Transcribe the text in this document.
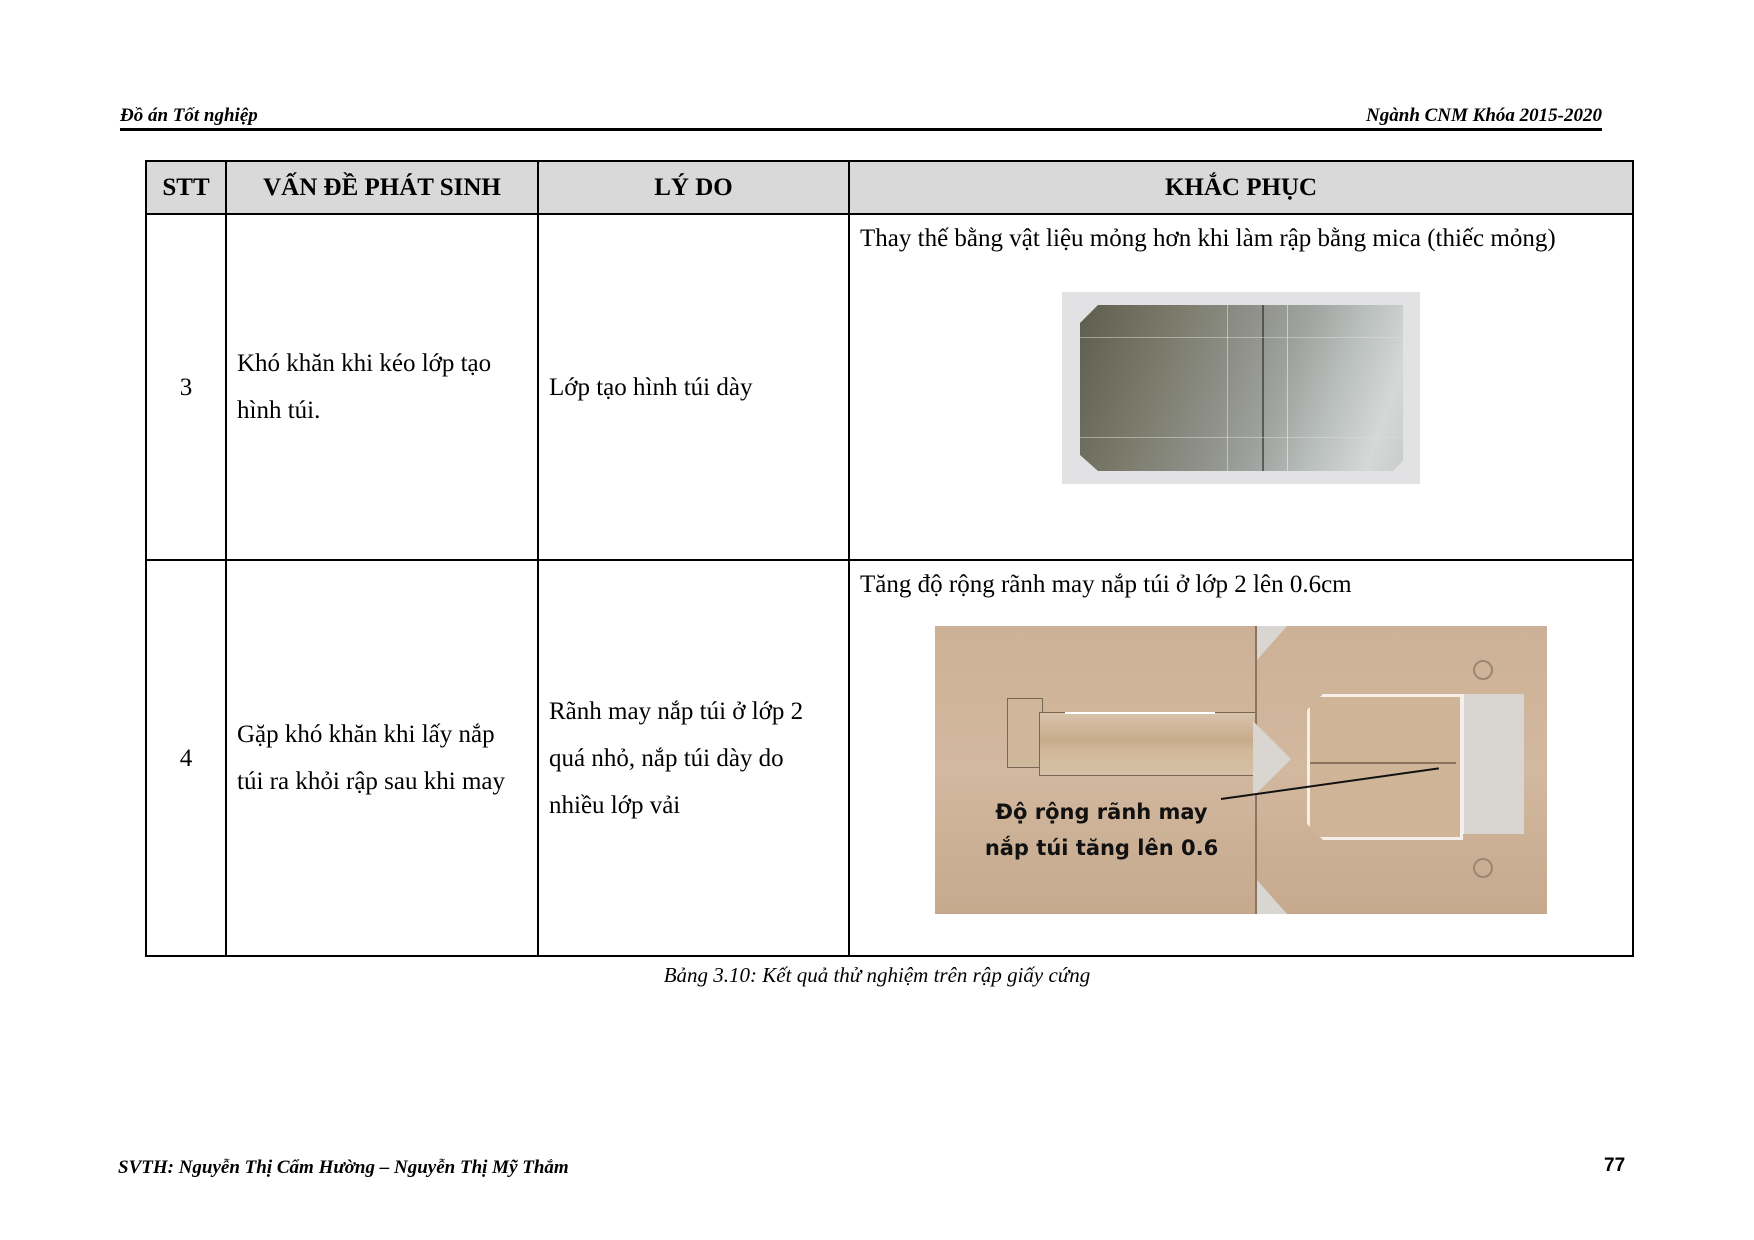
Đồ án Tốt nghiệp	Ngành CNM Khóa 2015-2020
STT	VẤN ĐỀ PHÁT SINH	LÝ DO	KHẮC PHỤC
3	Khó khăn khi kéo lớp tạo hình túi.	Lớp tạo hình túi dày	Thay thế bằng vật liệu mỏng hơn khi làm rập bằng mica (thiếc mỏng)

4	Gặp khó khăn khi lấy nắp túi ra khỏi rập sau khi may	Rãnh may nắp túi ở lớp 2 quá nhỏ, nắp túi dày do nhiều lớp vải	Tăng độ rộng rãnh may nắp túi ở lớp 2 lên 0.6cm
Độ rộng rãnh may nắp túi tăng lên 0.6
Bảng 3.10: Kết quả thử nghiệm trên rập giấy cứng
SVTH: Nguyễn Thị Cẩm Hường – Nguyễn Thị Mỹ Thắm	77
